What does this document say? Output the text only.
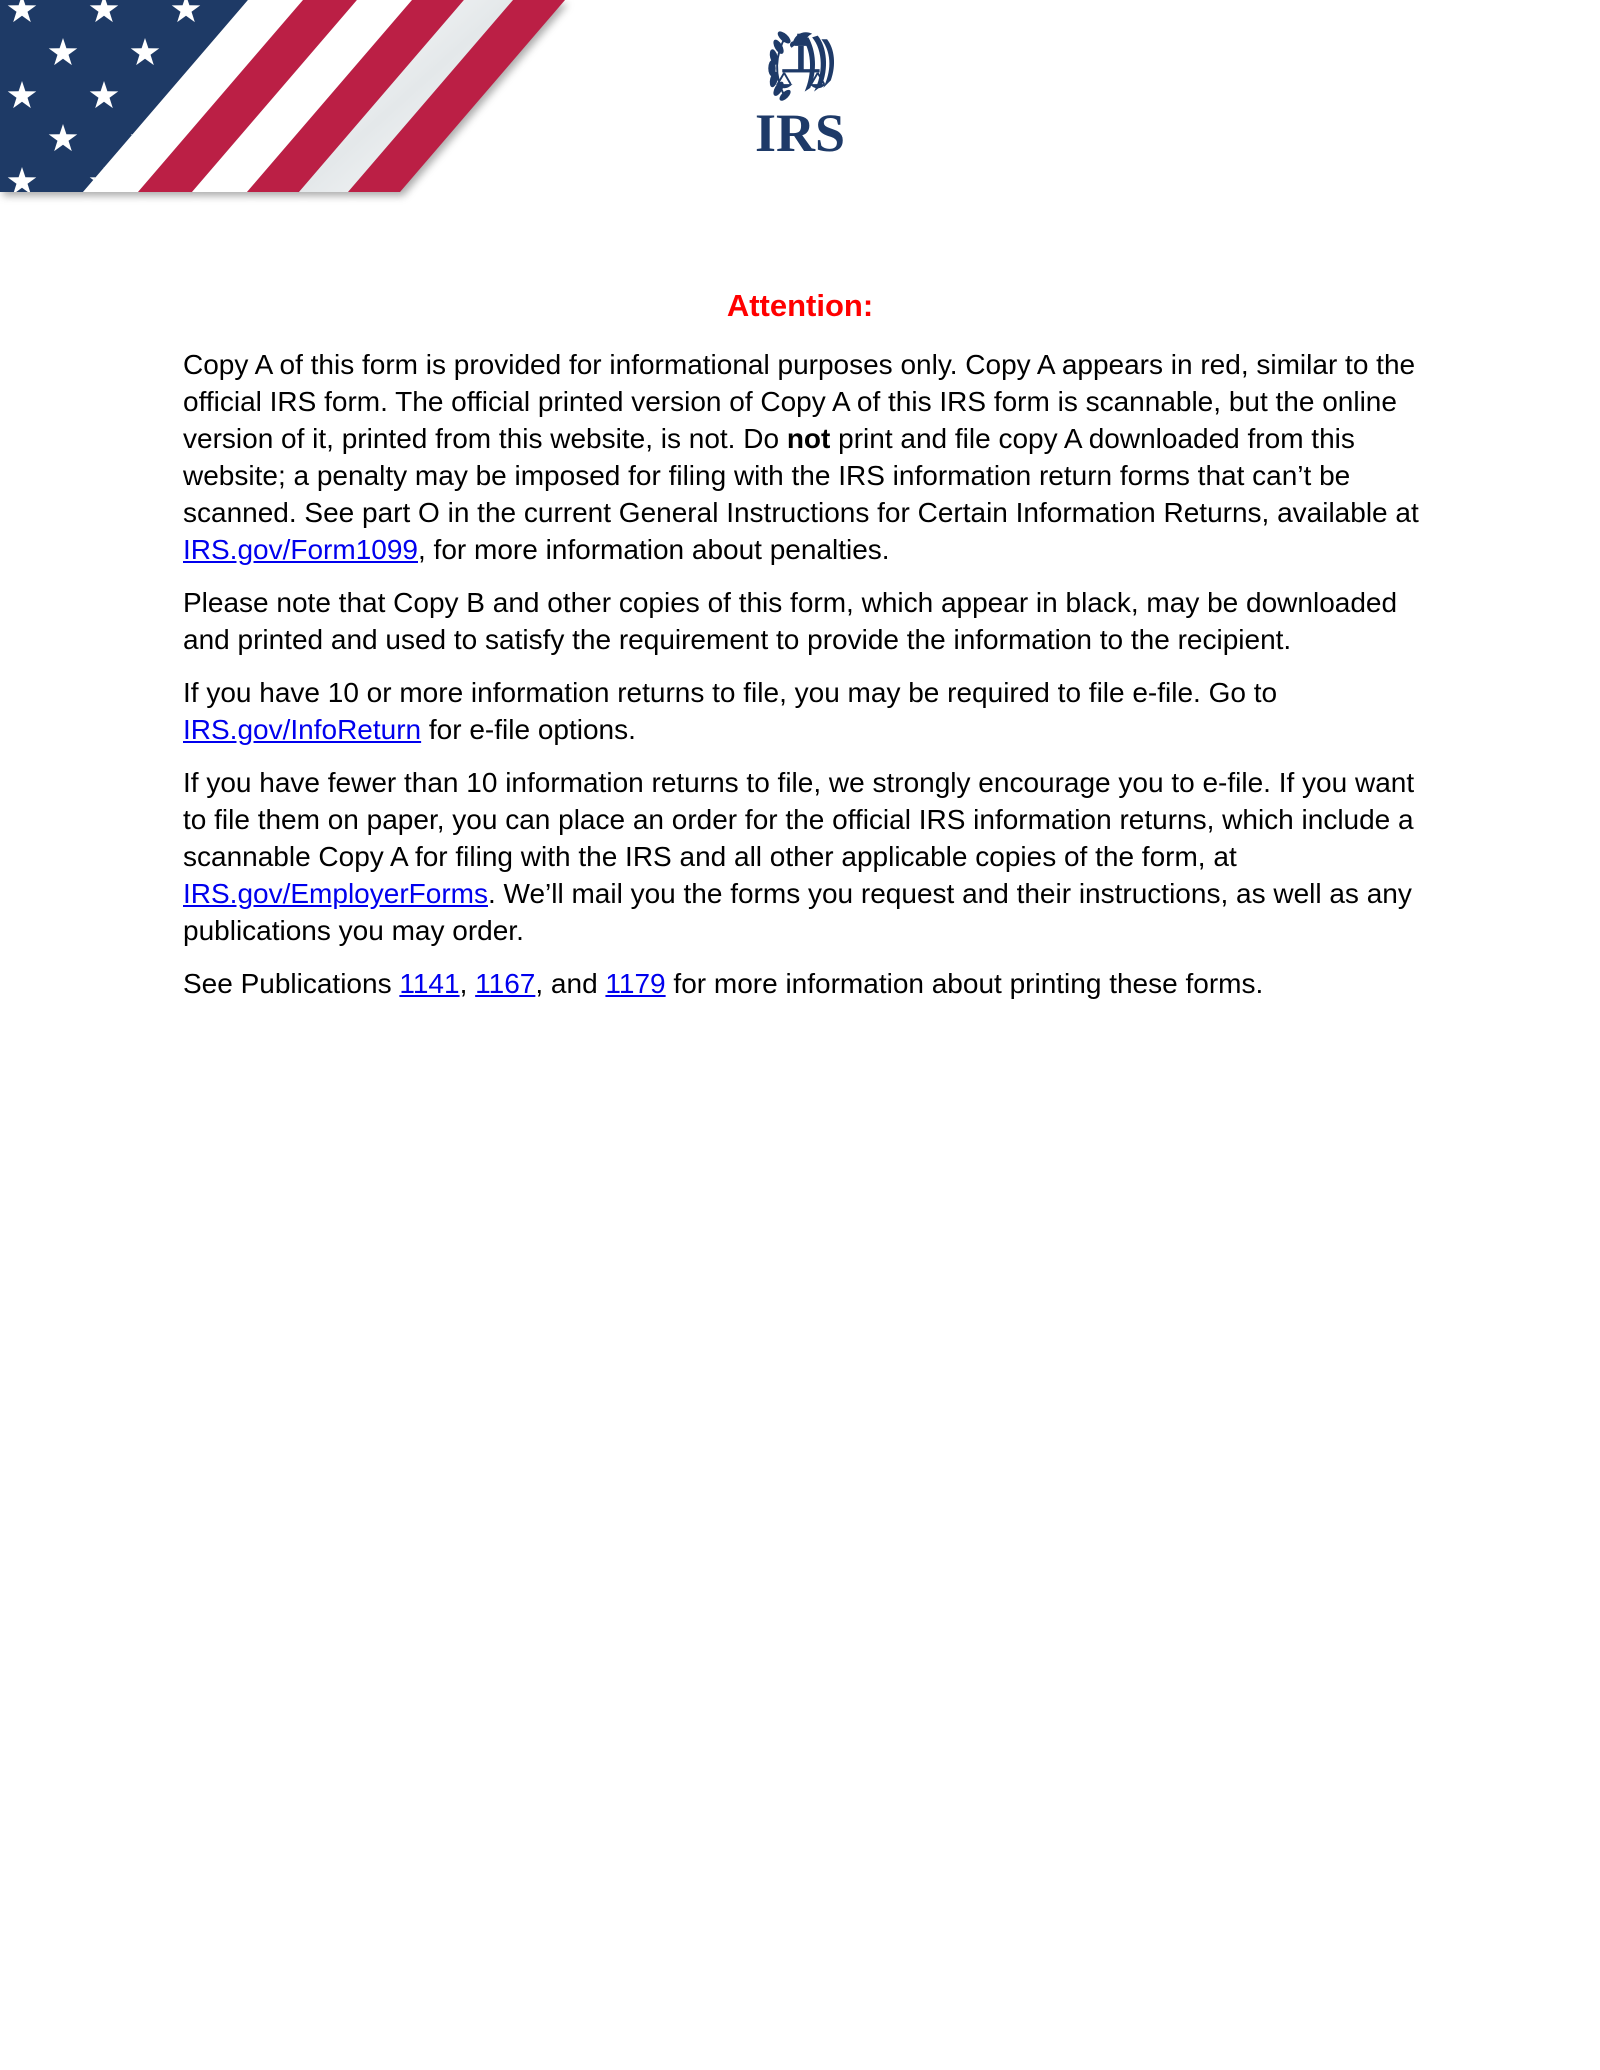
IRS
Attention:

Copy A of this form is provided for informational purposes only. Copy A appears in red, similar to the official IRS form. The official printed version of Copy A of this IRS form is scannable, but the online version of it, printed from this website, is not. Do not print and file copy A downloaded from this website; a penalty may be imposed for filing with the IRS information return forms that can’t be scanned. See part O in the current General Instructions for Certain Information Returns, available at IRS.gov/Form1099, for more information about penalties.

Please note that Copy B and other copies of this form, which appear in black, may be downloaded and printed and used to satisfy the requirement to provide the information to the recipient.

If you have 10 or more information returns to file, you may be required to file e-file. Go to IRS.gov/InfoReturn for e-file options.

If you have fewer than 10 information returns to file, we strongly encourage you to e-file. If you want to file them on paper, you can place an order for the official IRS information returns, which include a scannable Copy A for filing with the IRS and all other applicable copies of the form, at IRS.gov/EmployerForms. We’ll mail you the forms you request and their instructions, as well as any publications you may order.

See Publications 1141, 1167, and 1179 for more information about printing these forms.
